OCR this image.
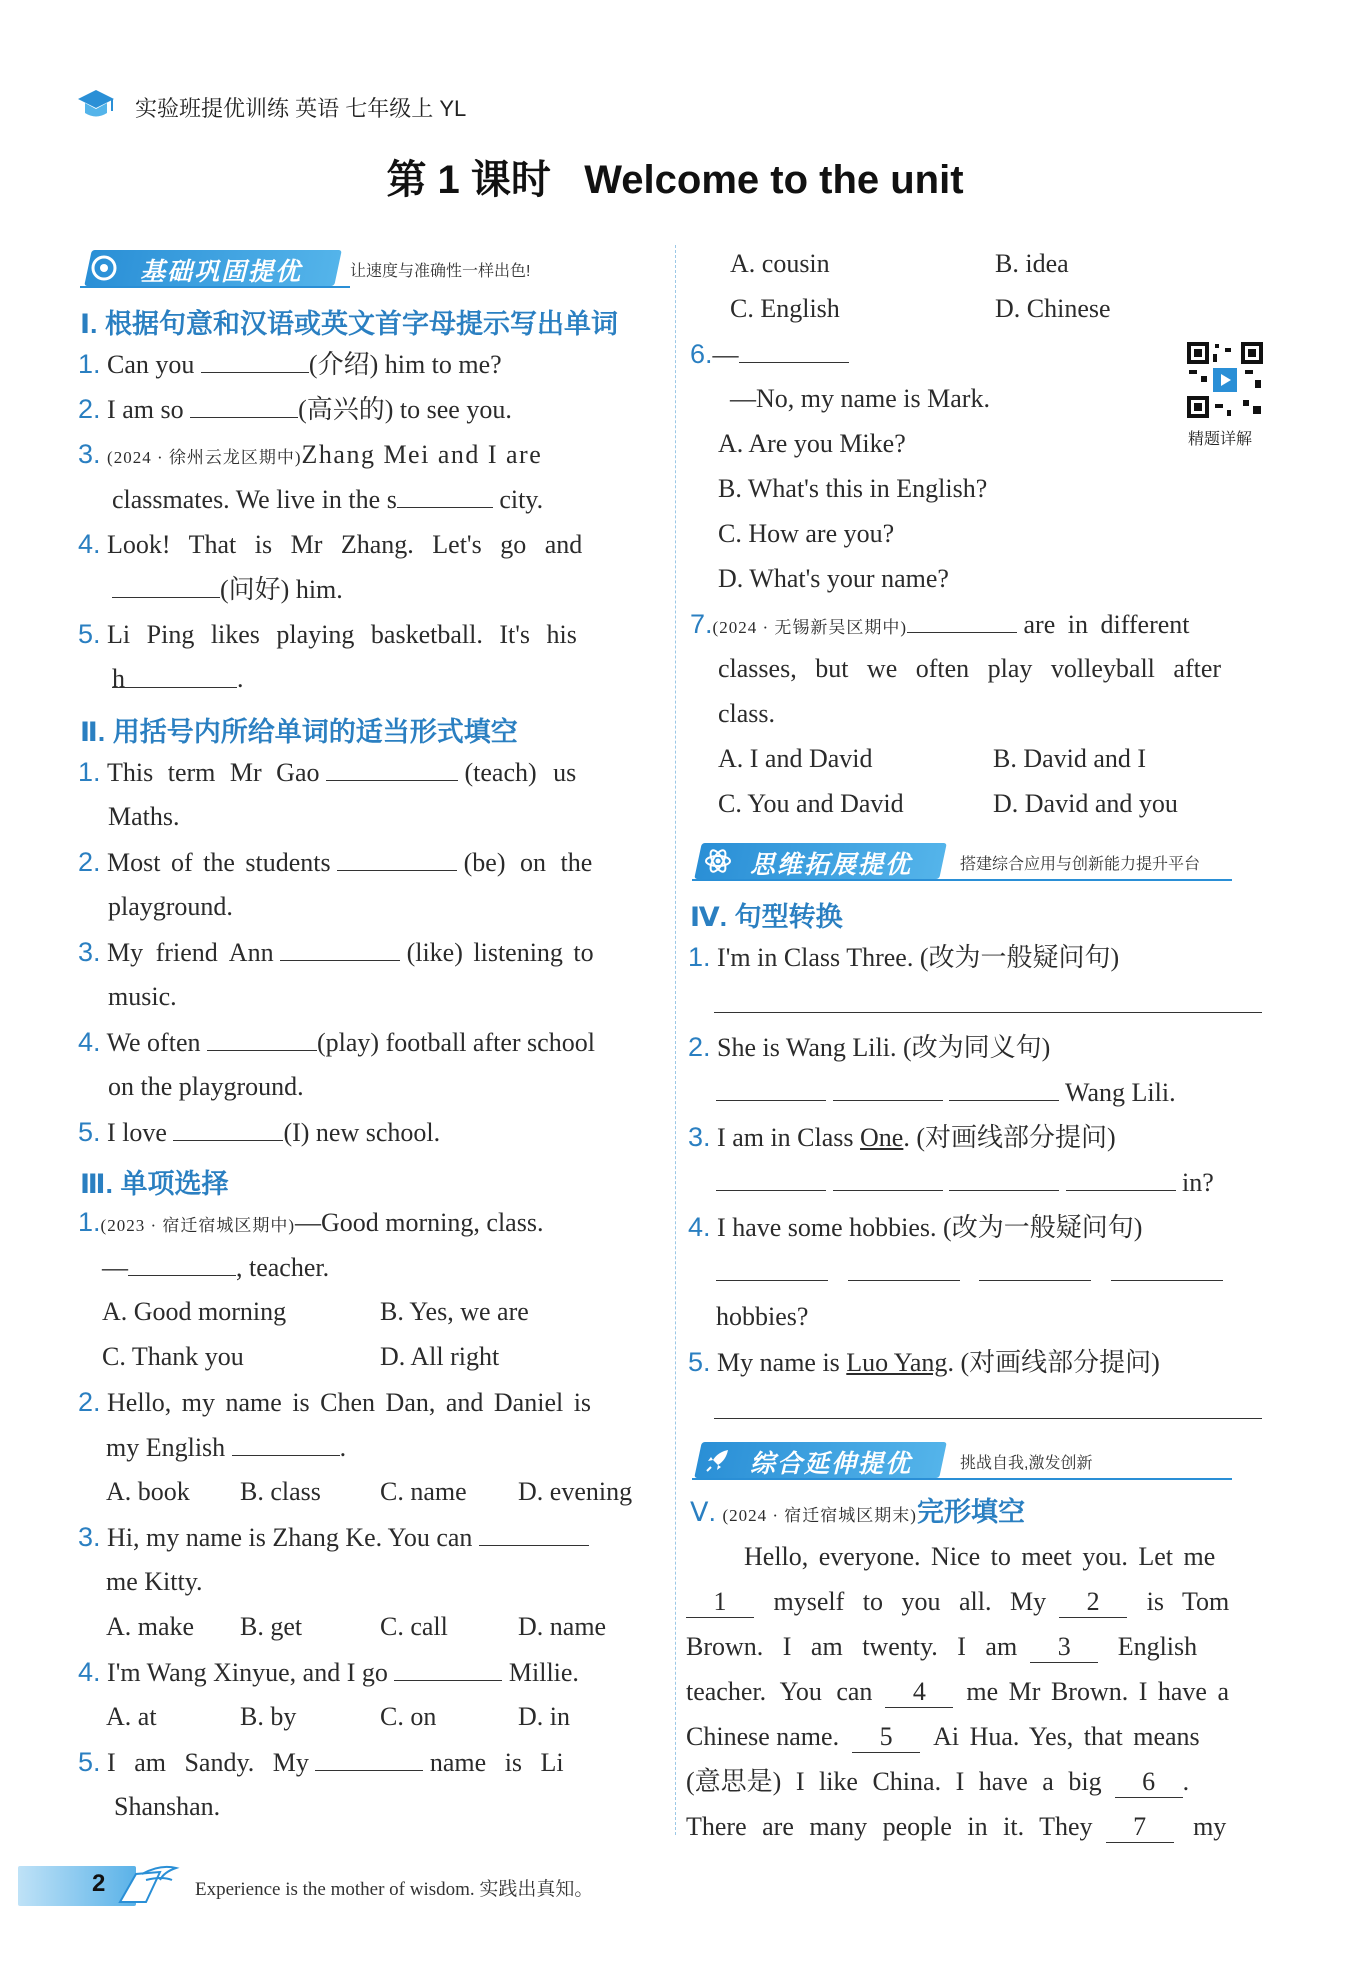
实验班提优训练 英语 七年级上 YL
第 1 课时 Welcome to the unit
基础巩固提优	让速度与准确性一样出色!
Ⅰ. 根据句意和汉语或英文首字母提示写出单词
1. Can you	(介绍) him to me?
2. I am so	(高兴的) to see you.
3. (2024 · 徐州云龙区期中)Zhang Mei and I are
classmates. We live in the s	city.
4. Look! That is Mr Zhang. Let's go and
(问好) him.
5. Li Ping likes playing basketball. It's his
h	.
Ⅱ. 用括号内所给单词的适当形式填空
1. This term Mr Gao	(teach) us
Maths.
2. Most of the students	(be) on the
playground.
3. My friend Ann	(like) listening to
music.
4. We often	(play) football after school
on the playground.
5. I love	(I) new school.
Ⅲ. 单项选择
1.(2023 · 宿迁宿城区期中)—Good morning, class.
—	, teacher.
A. Good morning	B. Yes, we are
C. Thank you	D. All right
2. Hello, my name is Chen Dan, and Daniel is
my English	.
A. book B. class C. name D. evening
3. Hi, my name is Zhang Ke. You can
me Kitty.
A. make B. get	C. call	D. name
4. I'm Wang Xinyue, and I go	Millie.
A. at	B. by	C. on	D. in
5. I am Sandy. My	name is Li
Shanshan.
A. cousin	B. idea
C. English	D. Chinese
6.—
精题详解
—No, my name is Mark.
A. Are you Mike?
B. What's this in English?
C. How are you?
D. What's your name?
7.(2024 · 无锡新吴区期中)	are in different
classes, but we often play volleyball after
class.
A. I and David	B. David and I
C. You and David	D. David and you
思维拓展提优	搭建综合应用与创新能力提升平台
Ⅳ. 句型转换
1. I'm in Class Three. (改为一般疑问句)
2. She is Wang Lili. (改为同义句)
Wang Lili.
3. I am in Class One. (对画线部分提问)
in?
4. I have some hobbies. (改为一般疑问句)

hobbies?
5. My name is Luo Yang. (对画线部分提问)
综合延伸提优	挑战自我,激发创新
Ⅴ. (2024 · 宿迁宿城区期末)完形填空
Hello, everyone. Nice to meet you. Let me
1 myself to you all. My 2 is Tom
Brown. I am twenty. I am 3 English
teacher. You can 4 me Mr Brown. I have a
Chinese name. 5 Ai Hua. Yes, that means
(意思是) I like China. I have a big 6 .
There are many people in it. They 7 my
2	Experience is the mother of wisdom. 实践出真知。
